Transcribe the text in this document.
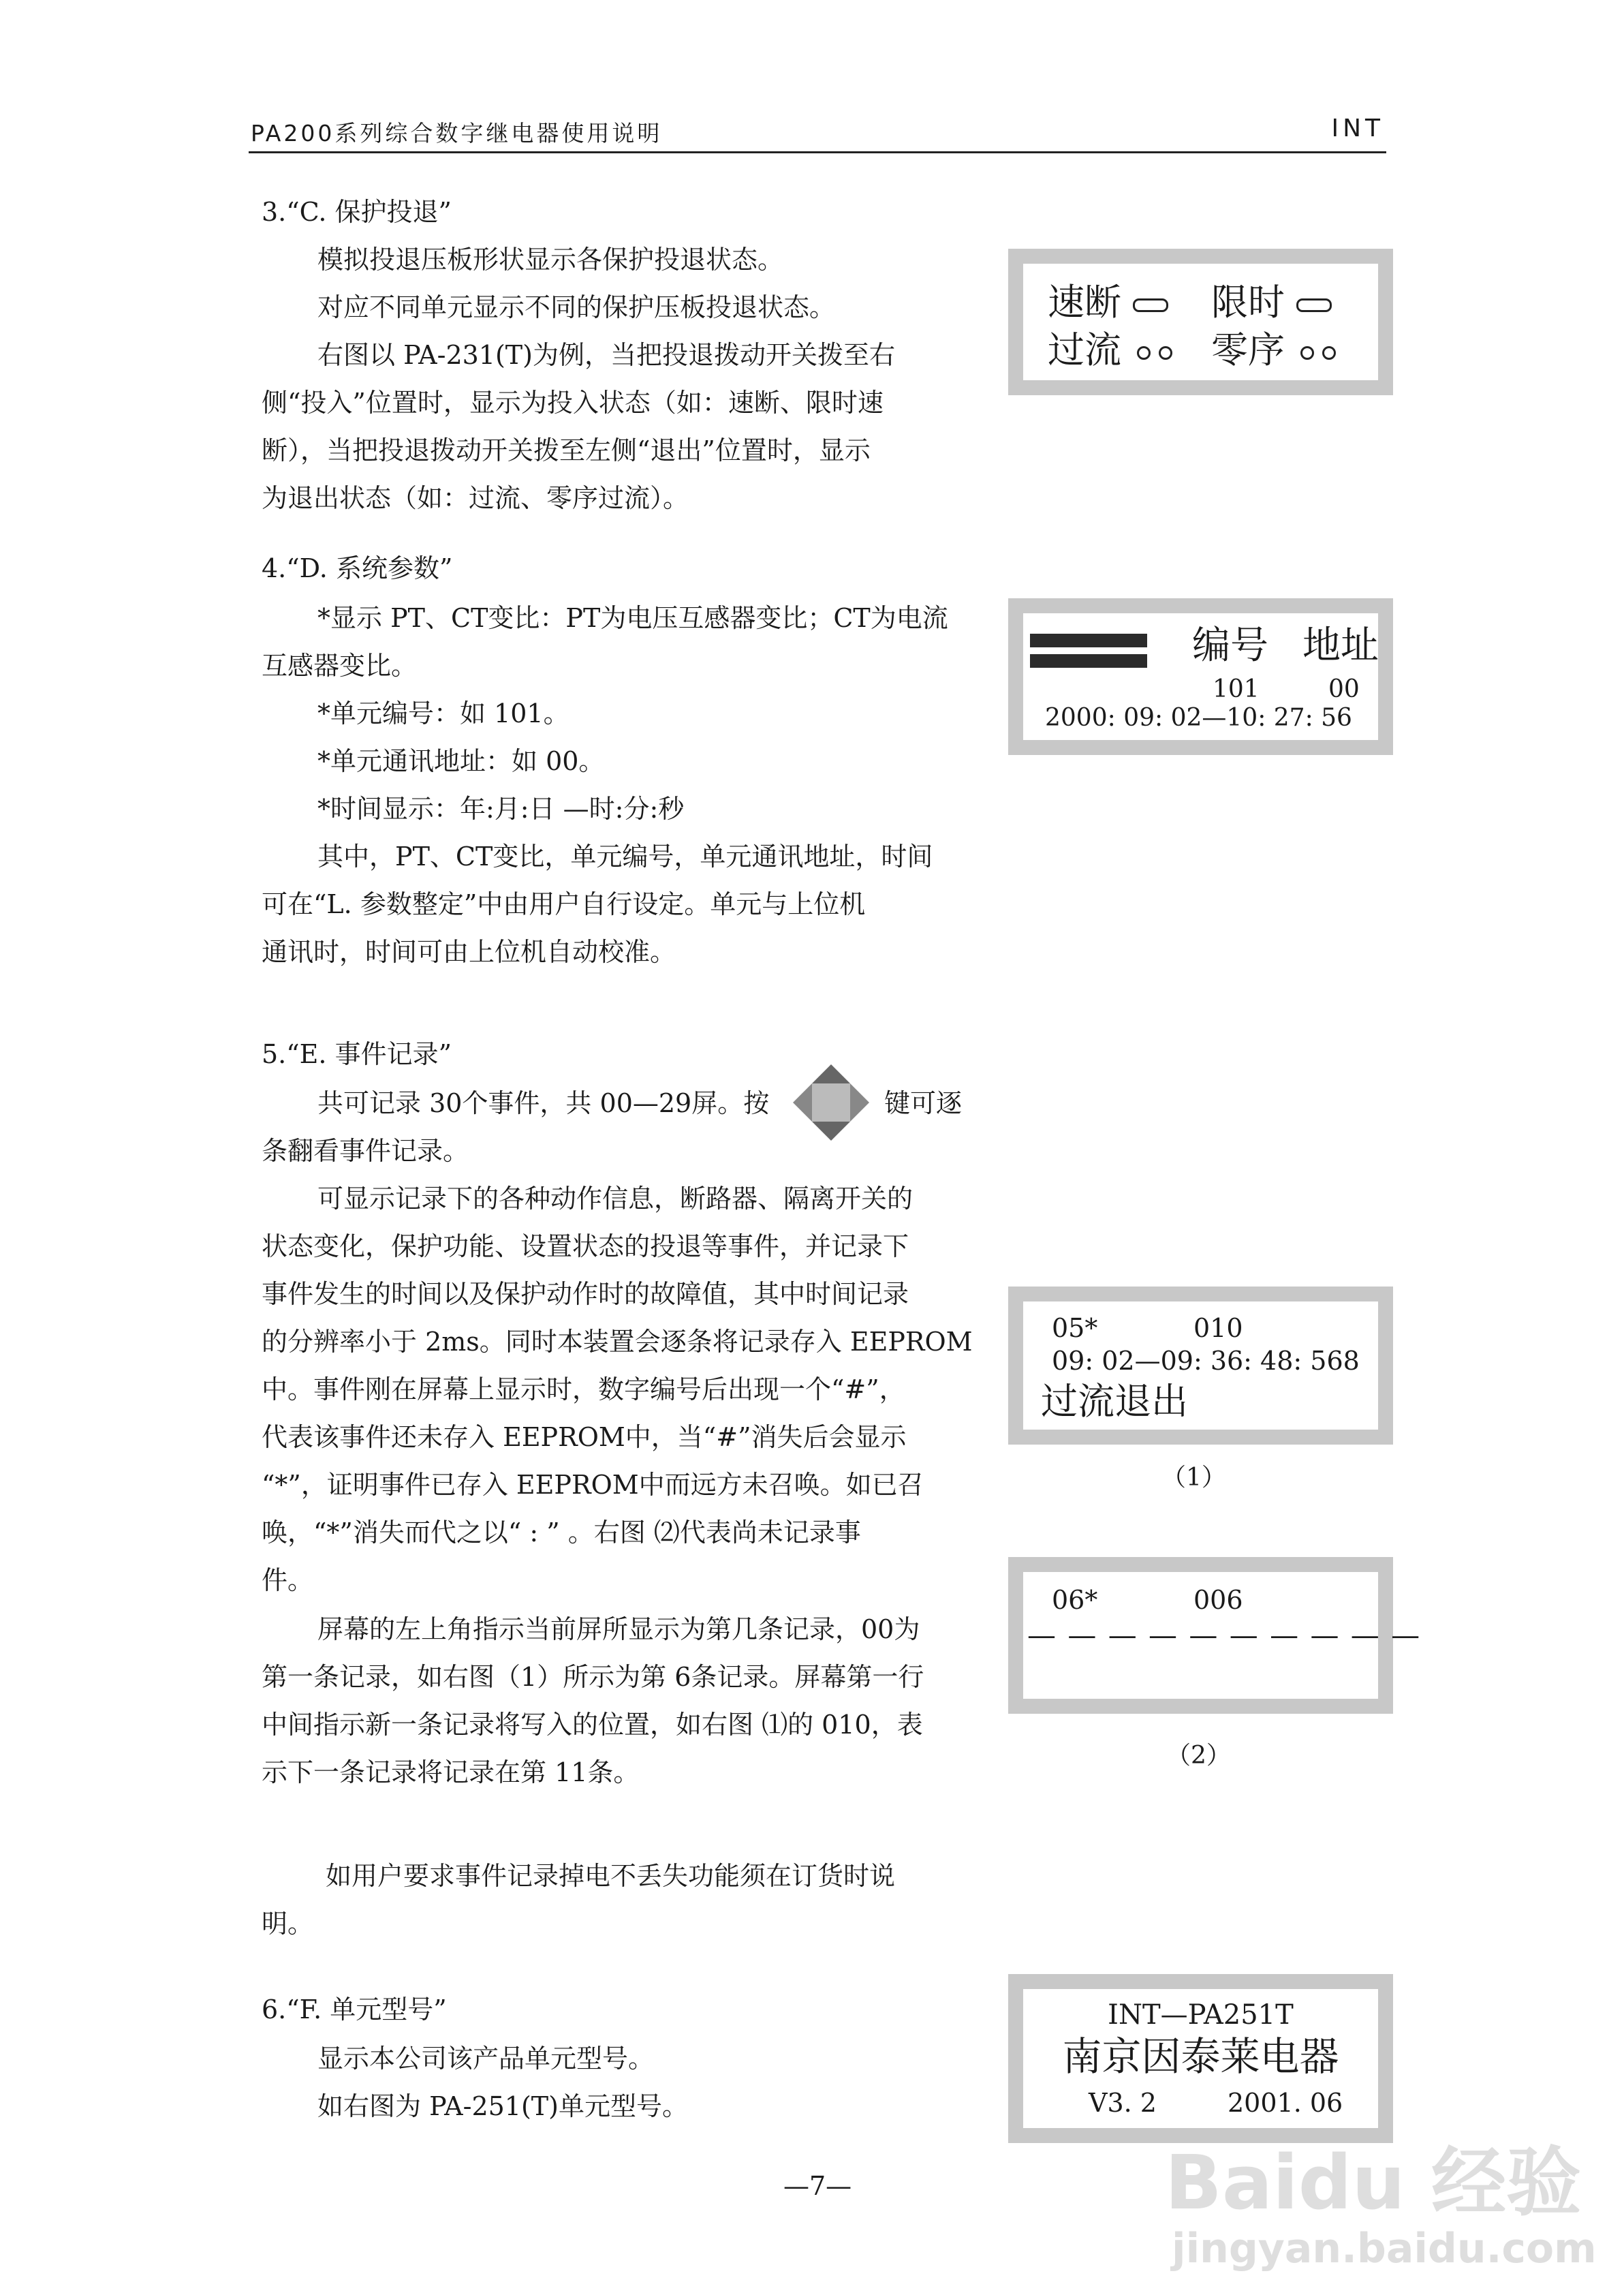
PA200系列综合数字继电器使用说明	INT
3.“C. 保护投退”
模拟投退压板形状显示各保护投退状态。
对应不同单元显示不同的保护压板投退状态。
右图以 PA-231(T)为例，当把投退拨动开关拨至右
侧“投入”位置时，显示为投入状态（如：速断、限时速
断），当把投退拨动开关拨至左侧“退出”位置时，显示
为退出状态（如：过流、零序过流）。
4.“D. 系统参数”
*显示 PT、CT变比：PT为电压互感器变比；CT为电流
互感器变比。
*单元编号：如 101。
*单元通讯地址：如 00。
*时间显示：年:月:日 —时:分:秒
其中，PT、CT变比，单元编号，单元通讯地址，时间
可在“L. 参数整定”中由用户自行设定。单元与上位机
通讯时，时间可由上位机自动校准。
5.“E. 事件记录”
共可记录 30个事件，共 00—29屏。按	键可逐
条翻看事件记录。
可显示记录下的各种动作信息，断路器、隔离开关的
状态变化，保护功能、设置状态的投退等事件，并记录下
事件发生的时间以及保护动作时的故障值，其中时间记录
的分辨率小于 2ms。同时本装置会逐条将记录存入 EEPROM
中。事件刚在屏幕上显示时，数字编号后出现一个“#”，
代表该事件还未存入 EEPROM中，当“#”消失后会显示
“*”，证明事件已存入 EEPROM中而远方未召唤。如已召
唤，“*”消失而代之以“ : ” 。右图 ⑵代表尚未记录事
件。
屏幕的左上角指示当前屏所显示为第几条记录，00为
第一条记录，如右图（1）所示为第 6条记录。屏幕第一行
中间指示新一条记录将写入的位置，如右图 ⑴的 010，表
示下一条记录将记录在第 11条。
如用户要求事件记录掉电不丢失功能须在订货时说
明。
6.“F. 单元型号”
显示本公司该产品单元型号。
如右图为 PA-251(T)单元型号。
速断	限时
过流	零序
编号 地址
101	00
2000: 09: 02—10: 27: 56
05*	010
09: 02—09: 36: 48: 568
过流退出
（1）
06*	006
— — — — — — — — — —
（2）
INT—PA251T
南京因泰莱电器
V3. 2	2001. 06
—7—	Baidu 经验
jingyan.baidu.com
